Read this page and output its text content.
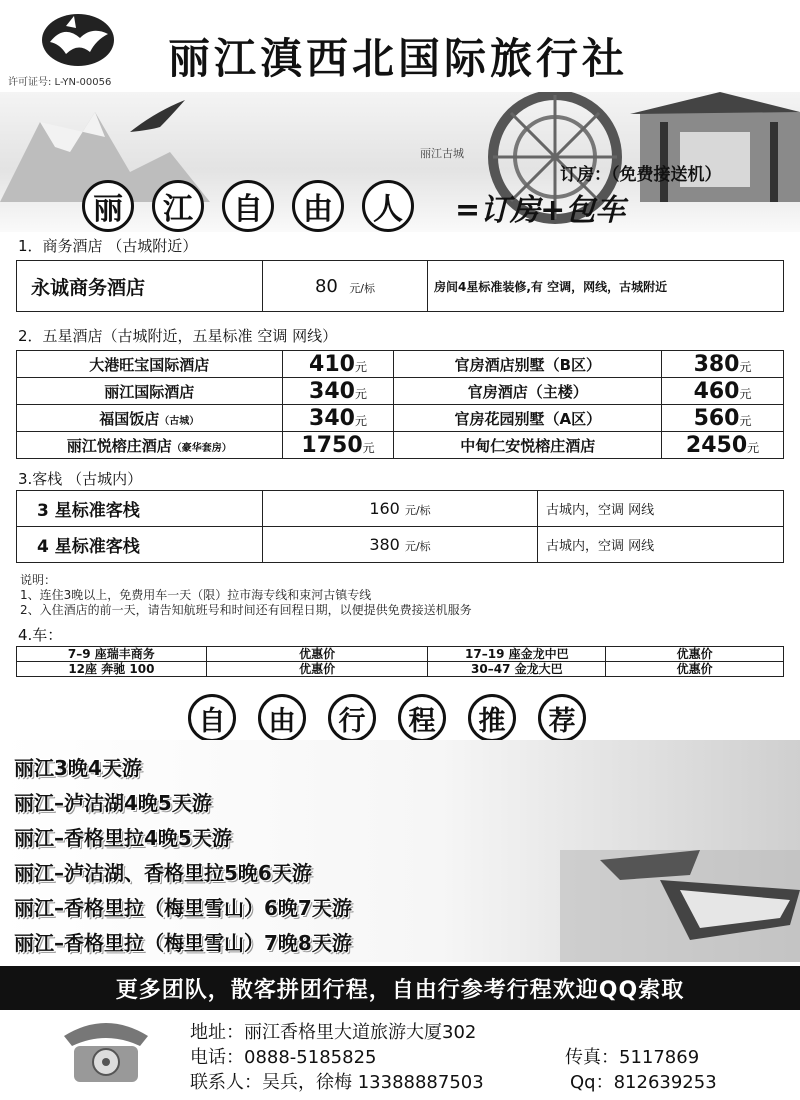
许可证号: L-YN-00056 丽江滇西北国际旅行社
丽江古城
订房：（免费接送机）
丽	江	自	由	人	=订房+包车
1．商务酒店 （古城附近）
永诚商务酒店	80 元/标	房间4星标准装修,有 空调，网线，古城附近
2．五星酒店（古城附近，五星标准 空调 网线）
大港旺宝国际酒店	410元	官房酒店别墅（B区）	380元
丽江国际酒店	340元	官房酒店（主楼）	460元
福国饭店（古城）	340元	官房花园别墅（A区）	560元
丽江悦榕庄酒店（豪华套房）	1750元	中甸仁安悦榕庄酒店	2450元
3.客栈 （古城内）
3 星标准客栈	160 元/标	古城内，空调 网线
4 星标准客栈	380 元/标	古城内，空调 网线
说明：
1、连住3晚以上，免费用车一天（限）拉市海专线和束河古镇专线
2、入住酒店的前一天，请告知航班号和时间还有回程日期，以便提供免费接送机服务
4.车：
7–9 座瑞丰商务	优惠价	17–19 座金龙中巴	优惠价
12座 奔驰 100	优惠价	30–47 金龙大巴	优惠价
自	由	行	程	推	荐
丽江3晚4天游
丽江–泸沽湖4晚5天游
丽江–香格里拉4晚5天游
丽江–泸沽湖、香格里拉5晚6天游
丽江–香格里拉（梅里雪山）6晚7天游
丽江–香格里拉（梅里雪山）7晚8天游
更多团队，散客拼团行程，自由行参考行程欢迎QQ索取
地址：丽江香格里大道旅游大厦302
电话：0888-5185825	传真：5117869
联系人：吴兵，徐梅 13388887503	Qq：812639253
